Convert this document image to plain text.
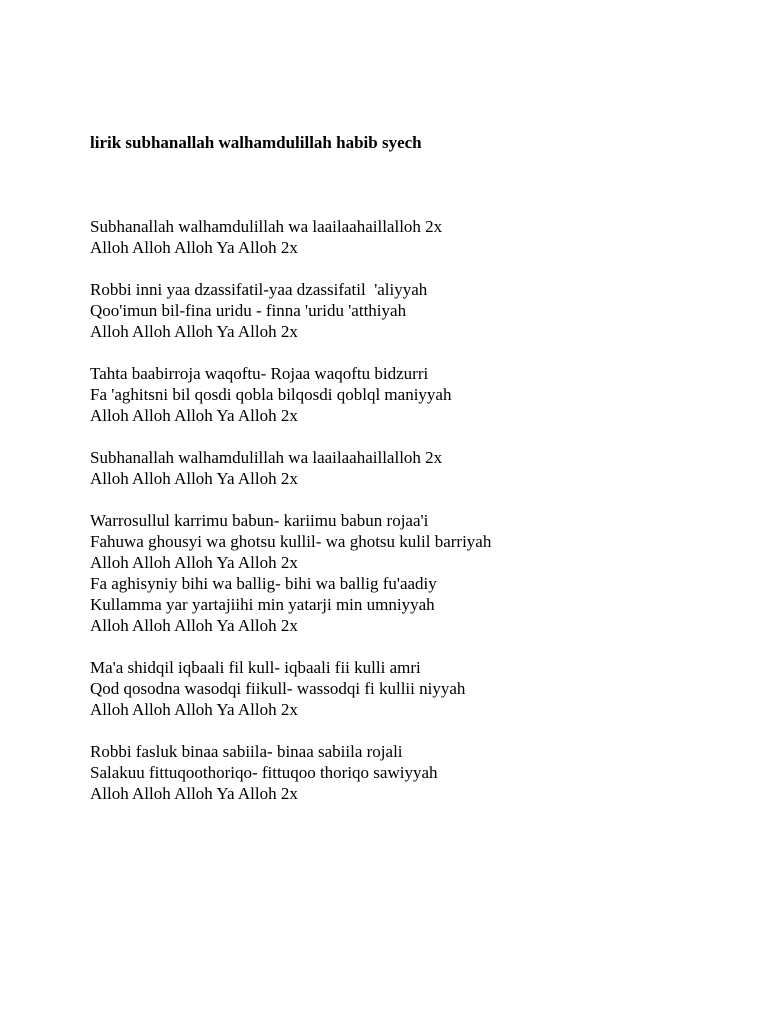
lirik subhanallah walhamdulillah habib syech

Subhanallah walhamdulillah wa laailaahaillalloh 2x
Alloh Alloh Alloh Ya Alloh 2x
Robbi inni yaa dzassifatil-yaa dzassifatil  'aliyyah
Qoo'imun bil-fina uridu - finna 'uridu 'atthiyah
Alloh Alloh Alloh Ya Alloh 2x
Tahta baabirroja waqoftu- Rojaa waqoftu bidzurri
Fa 'aghitsni bil qosdi qobla bilqosdi qoblql maniyyah
Alloh Alloh Alloh Ya Alloh 2x
Subhanallah walhamdulillah wa laailaahaillalloh 2x
Alloh Alloh Alloh Ya Alloh 2x
Warrosullul karrimu babun- kariimu babun rojaa'i
Fahuwa ghousyi wa ghotsu kullil- wa ghotsu kulil barriyah
Alloh Alloh Alloh Ya Alloh 2x
Fa aghisyniy bihi wa ballig- bihi wa ballig fu'aadiy
Kullamma yar yartajiihi min yatarji min umniyyah
Alloh Alloh Alloh Ya Alloh 2x
Ma'a shidqil iqbaali fil kull- iqbaali fii kulli amri
Qod qosodna wasodqi fiikull- wassodqi fi kullii niyyah
Alloh Alloh Alloh Ya Alloh 2x
Robbi fasluk binaa sabiila- binaa sabiila rojali
Salakuu fittuqoothoriqo- fittuqoo thoriqo sawiyyah
Alloh Alloh Alloh Ya Alloh 2x
